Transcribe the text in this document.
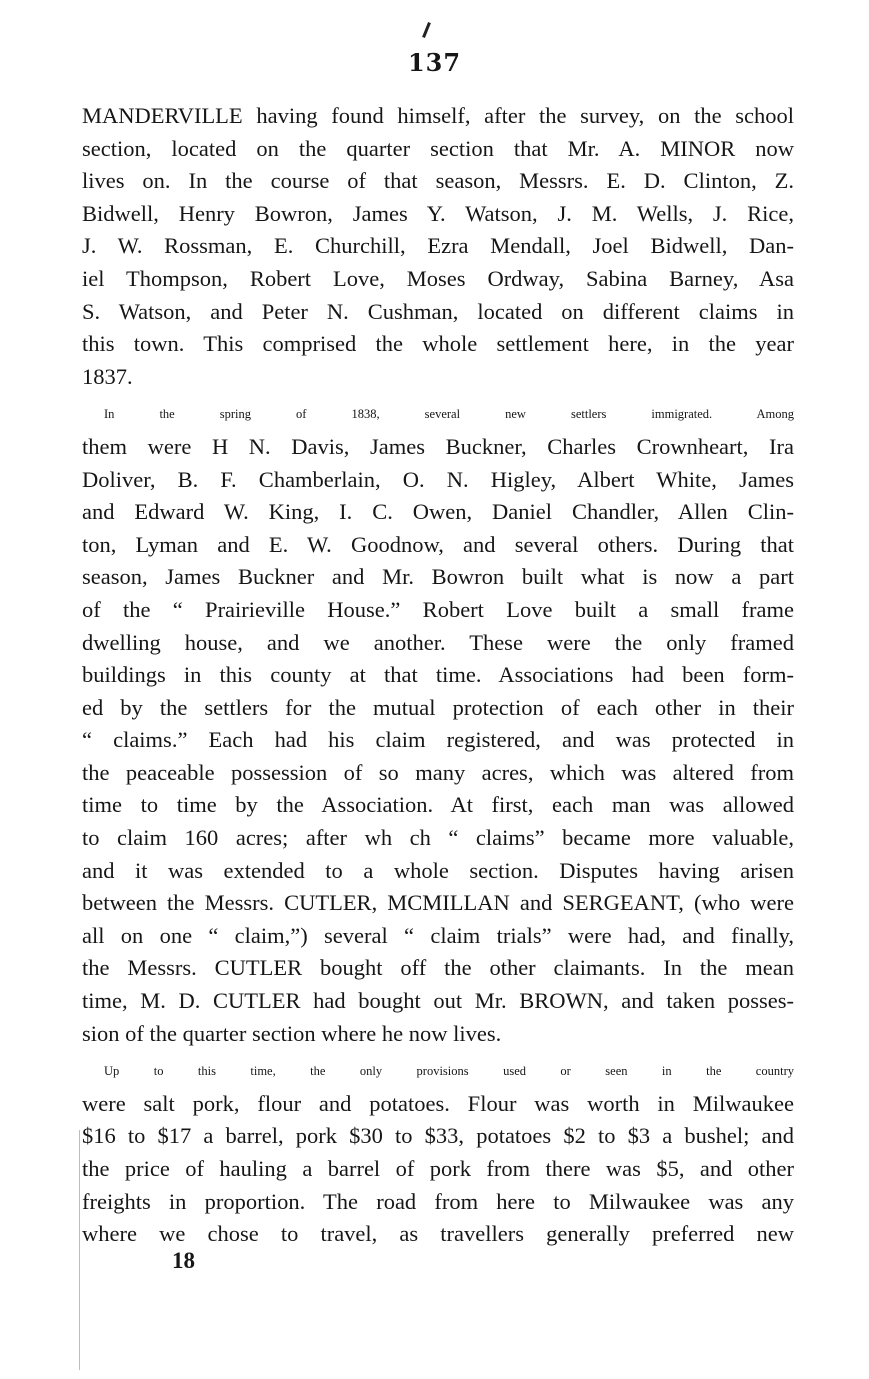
137
MANDERVILLE having found himself, after the survey, on the school
section, located on the quarter section that Mr. A. MINOR now
lives on. In the course of that season, Messrs. E. D. Clinton, Z.
Bidwell, Henry Bowron, James Y. Watson, J. M. Wells, J. Rice,
J. W. Rossman, E. Churchill, Ezra Mendall, Joel Bidwell, Dan-
iel Thompson, Robert Love, Moses Ordway, Sabina Barney, Asa
S. Watson, and Peter N. Cushman, located on different claims in
this town. This comprised the whole settlement here, in the year
1837.
In the spring of 1838, several new settlers immigrated. Among
them were H N. Davis, James Buckner, Charles Crownheart, Ira
Doliver, B. F. Chamberlain, O. N. Higley, Albert White, James
and Edward W. King, I. C. Owen, Daniel Chandler, Allen Clin-
ton, Lyman and E. W. Goodnow, and several others. During that
season, James Buckner and Mr. Bowron built what is now a part
of the “ Prairieville House.” Robert Love built a small frame
dwelling house, and we another. These were the only framed
buildings in this county at that time. Associations had been form-
ed by the settlers for the mutual protection of each other in their
“ claims.” Each had his claim registered, and was protected in
the peaceable possession of so many acres, which was altered from
time to time by the Association. At first, each man was allowed
to claim 160 acres; after wh ch “ claims” became more valuable,
and it was extended to a whole section. Disputes having arisen
between the Messrs. CUTLER, MCMILLAN and SERGEANT, (who were
all on one “ claim,”) several “ claim trials” were had, and finally,
the Messrs. CUTLER bought off the other claimants. In the mean
time, M. D. CUTLER had bought out Mr. BROWN, and taken posses-
sion of the quarter section where he now lives.
Up to this time, the only provisions used or seen in the country
were salt pork, flour and potatoes. Flour was worth in Milwaukee
$16 to $17 a barrel, pork $30 to $33, potatoes $2 to $3 a bushel; and
the price of hauling a barrel of pork from there was $5, and other
freights in proportion. The road from here to Milwaukee was any
where we chose to travel, as travellers generally preferred new
18
